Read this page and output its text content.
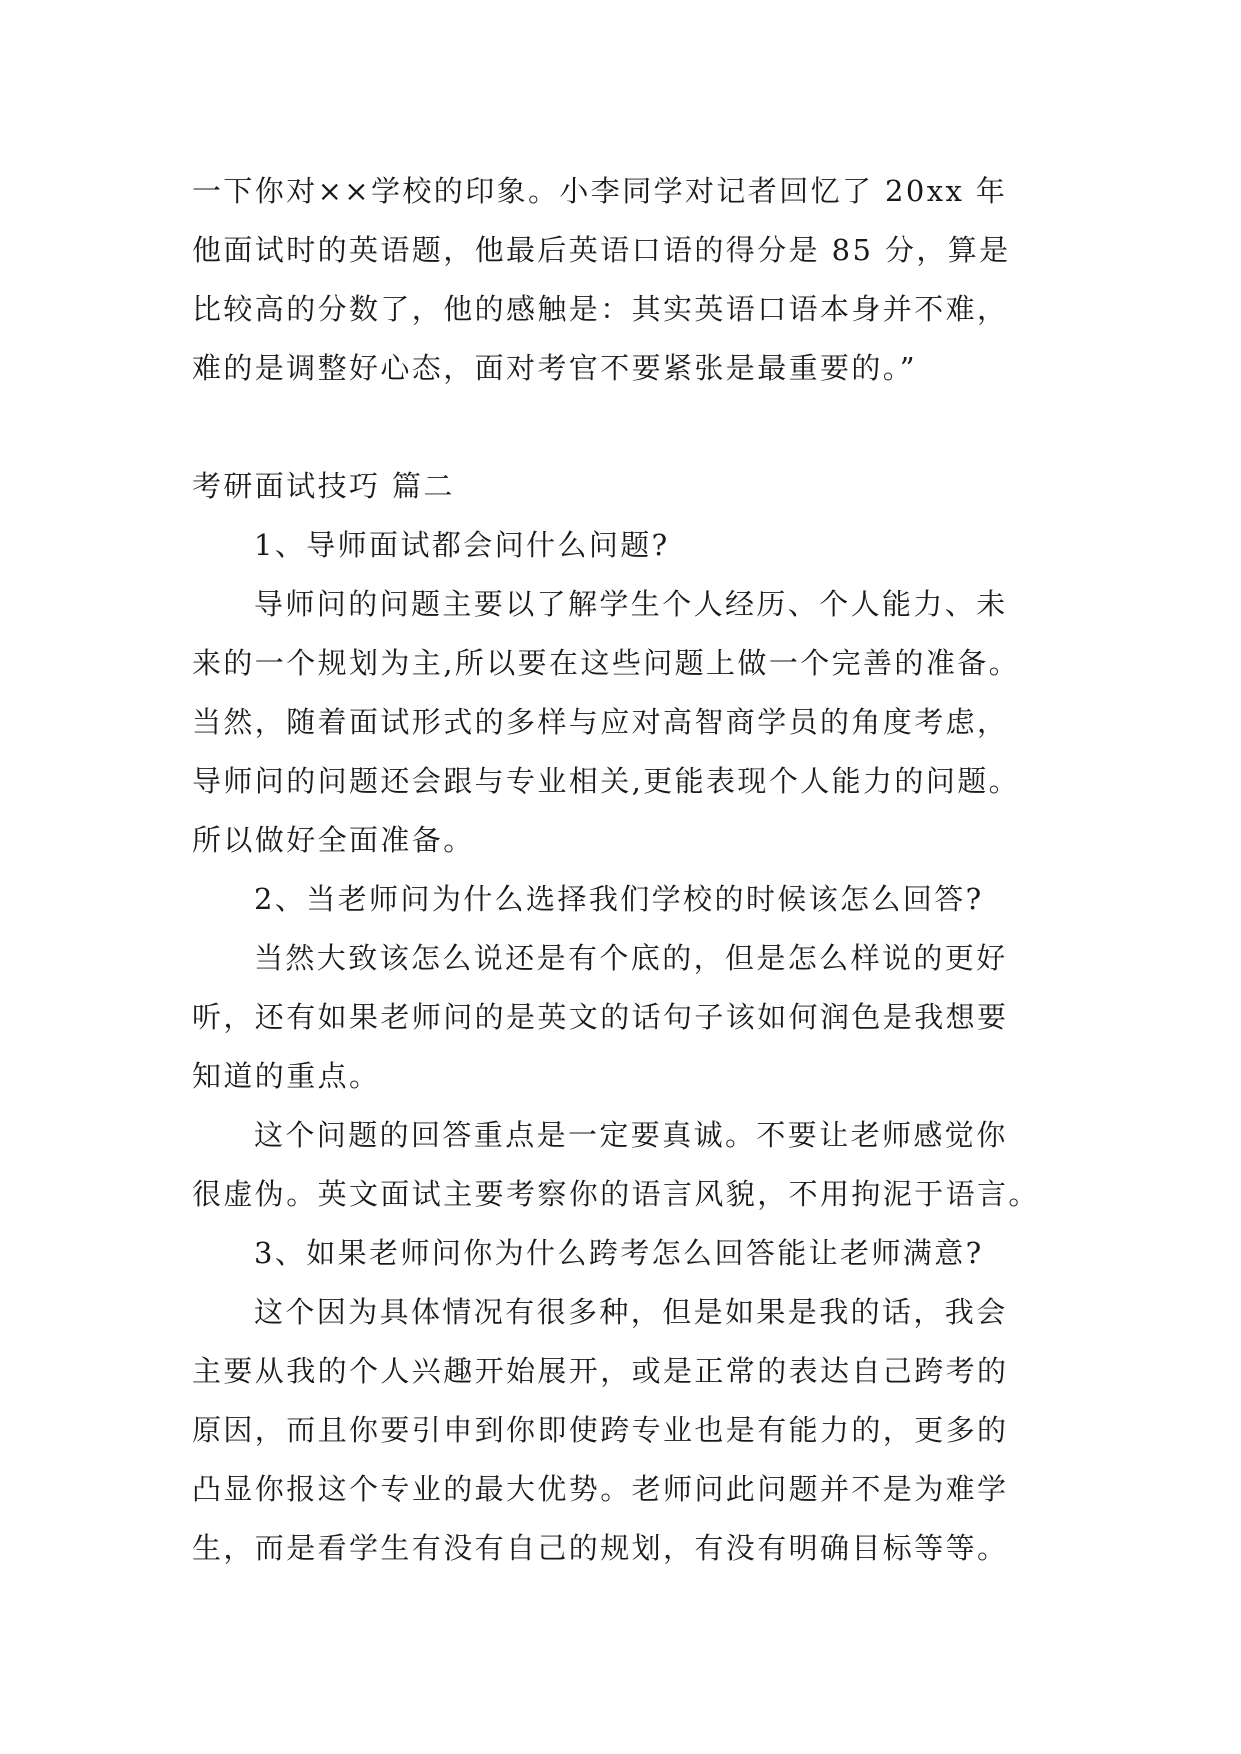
一下你对××学校的印象。小李同学对记者回忆了 20xx 年
他面试时的英语题，他最后英语口语的得分是 85 分，算是
比较高的分数了，他的感触是：其实英语口语本身并不难，
难的是调整好心态，面对考官不要紧张是最重要的。”
考研面试技巧 篇二
1、导师面试都会问什么问题?
导师问的问题主要以了解学生个人经历、个人能力、未
来的一个规划为主,所以要在这些问题上做一个完善的准备。
当然，随着面试形式的多样与应对高智商学员的角度考虑，
导师问的问题还会跟与专业相关,更能表现个人能力的问题。
所以做好全面准备。
2、当老师问为什么选择我们学校的时候该怎么回答?
当然大致该怎么说还是有个底的，但是怎么样说的更好
听，还有如果老师问的是英文的话句子该如何润色是我想要
知道的重点。
这个问题的回答重点是一定要真诚。不要让老师感觉你
很虚伪。英文面试主要考察你的语言风貌，不用拘泥于语言。
3、如果老师问你为什么跨考怎么回答能让老师满意?
这个因为具体情况有很多种，但是如果是我的话，我会
主要从我的个人兴趣开始展开，或是正常的表达自己跨考的
原因，而且你要引申到你即使跨专业也是有能力的，更多的
凸显你报这个专业的最大优势。老师问此问题并不是为难学
生，而是看学生有没有自己的规划，有没有明确目标等等。
